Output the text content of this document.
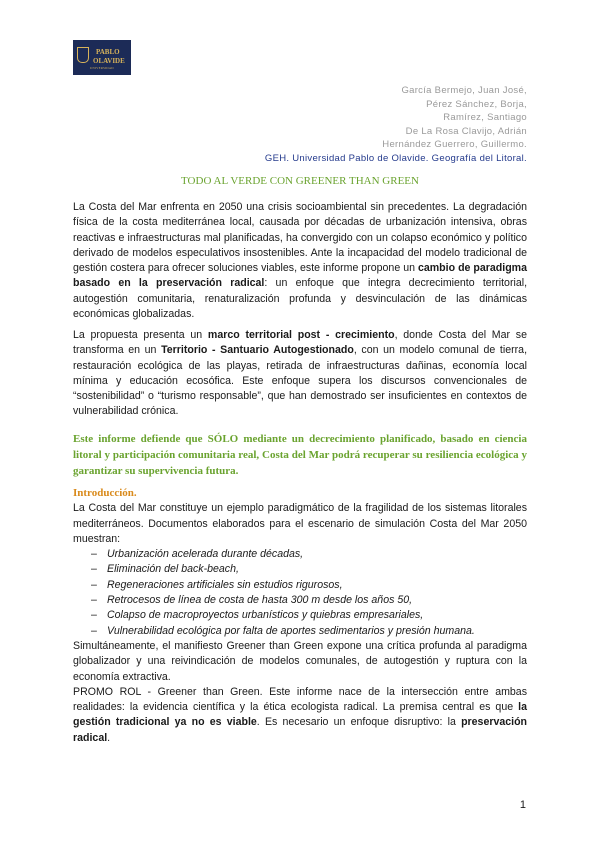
PABLO
OLAVIDE
UNIVERSIDAD
García Bermejo, Juan José,
Pérez Sánchez, Borja,
Ramírez, Santiago
De La Rosa Clavijo, Adrián
Hernández Guerrero, Guillermo.
GEH. Universidad Pablo de Olavide. Geografía del Litoral.
TODO AL VERDE CON GREENER THAN GREEN
La Costa del Mar enfrenta en 2050 una crisis socioambiental sin precedentes. La degradación física de la costa mediterránea local, causada por décadas de urbanización intensiva, obras reactivas e infraestructuras mal planificadas, ha convergido con un colapso económico y político derivado de modelos especulativos insostenibles. Ante la incapacidad del modelo tradicional de gestión costera para ofrecer soluciones viables, este informe propone un cambio de paradigma basado en la preservación radical: un enfoque que integra decrecimiento territorial, autogestión comunitaria, renaturalización profunda y desvinculación de las dinámicas económicas globalizadas.
La propuesta presenta un marco territorial post - crecimiento, donde Costa del Mar se transforma en un Territorio - Santuario Autogestionado, con un modelo comunal de tierra, restauración ecológica de las playas, retirada de infraestructuras dañinas, economía local mínima y educación ecosófica. Este enfoque supera los discursos convencionales de “sostenibilidad” o “turismo responsable”, que han demostrado ser insuficientes en contextos de vulnerabilidad crónica.
Este informe defiende que SÓLO mediante un decrecimiento planificado, basado en ciencia litoral y participación comunitaria real, Costa del Mar podrá recuperar su resiliencia ecológica y garantizar su supervivencia futura.
Introducción.

La Costa del Mar constituye un ejemplo paradigmático de la fragilidad de los sistemas litorales mediterráneos. Documentos elaborados para el escenario de simulación Costa del Mar 2050 muestran:

– Urbanización acelerada durante décadas,
– Eliminación del back-beach,
– Regeneraciones artificiales sin estudios rigurosos,
– Retrocesos de línea de costa de hasta 300 m desde los años 50,
– Colapso de macroproyectos urbanísticos y quiebras empresariales,
– Vulnerabilidad ecológica por falta de aportes sedimentarios y presión humana.

Simultáneamente, el manifiesto Greener than Green expone una crítica profunda al paradigma globalizador y una reivindicación de modelos comunales, de autogestión y ruptura con la economía extractiva.

PROMO ROL - Greener than Green. Este informe nace de la intersección entre ambas realidades: la evidencia científica y la ética ecologista radical. La premisa central es que la gestión tradicional ya no es viable. Es necesario un enfoque disruptivo: la preservación radical.

1
